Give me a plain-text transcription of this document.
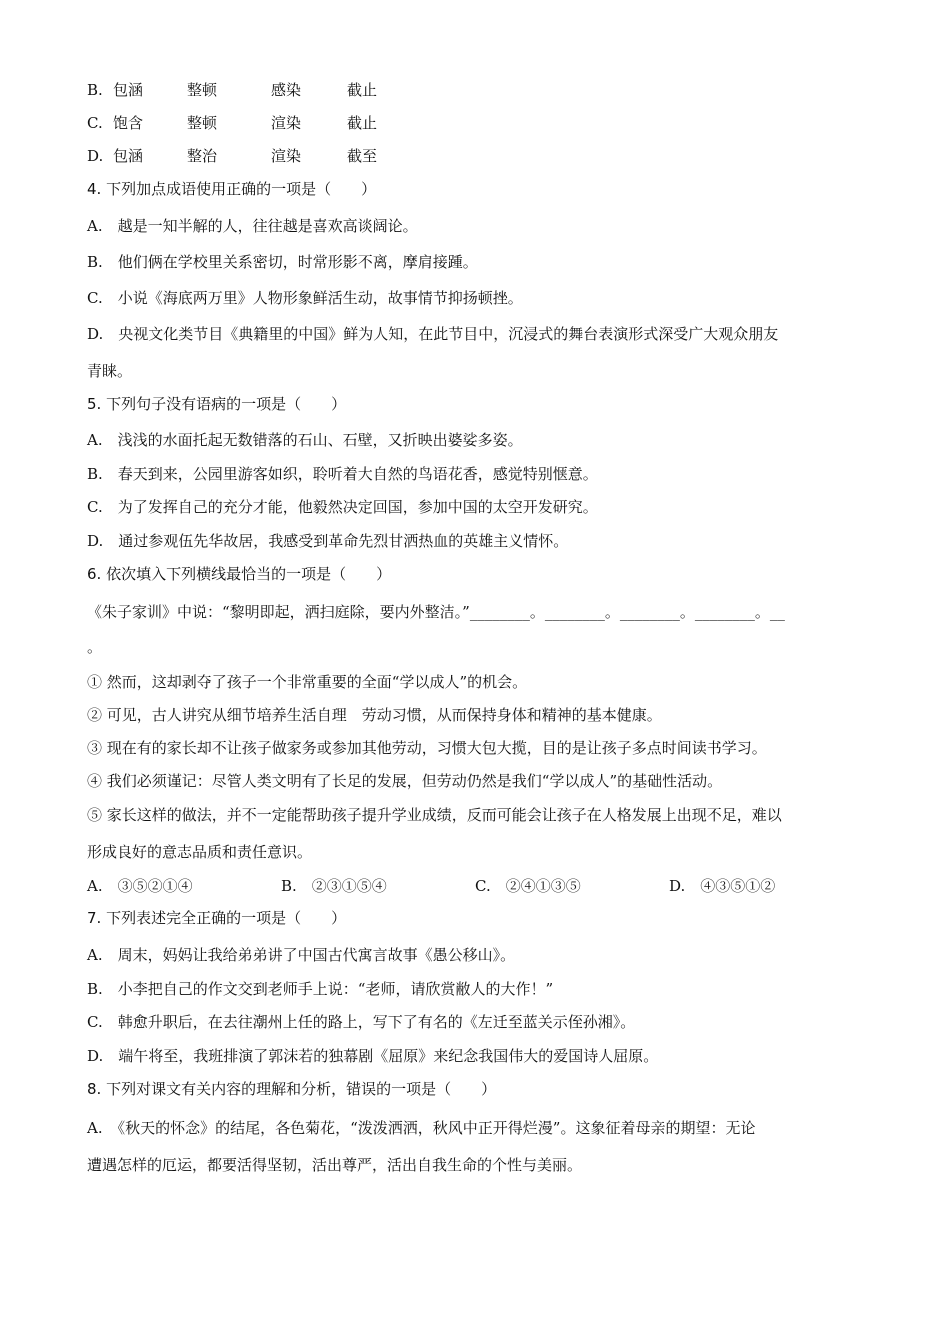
B. 包涵	整顿	感染	截止
C. 饱含	整顿	渲染	截止
D. 包涵	整治	渲染	截至
4. 下列加点成语使用正确的一项是（　　）
A.　越是一知半解的人，往往越是喜欢高谈阔论。
B.　他们俩在学校里关系密切，时常形影不离，摩肩接踵。
C.　小说《海底两万里》人物形象鲜活生动，故事情节抑扬顿挫。
D.　央视文化类节目《典籍里的中国》鲜为人知，在此节目中，沉浸式的舞台表演形式深受广大观众朋友
青睐。
5. 下列句子没有语病的一项是（　　）
A.　浅浅的水面托起无数错落的石山、石壁，又折映出婆娑多姿。
B.　春天到来，公园里游客如织，聆听着大自然的鸟语花香，感觉特别惬意。
C.　为了发挥自己的充分才能，他毅然决定回国，参加中国的太空开发研究。
D.　通过参观伍先华故居，我感受到革命先烈甘洒热血的英雄主义情怀。
6. 依次填入下列横线最恰当的一项是（　　）
《朱子家训》中说：“黎明即起，洒扫庭除，要内外整洁。”________。________。________。________。__
。
① 然而，这却剥夺了孩子一个非常重要的全面“学以成人”的机会。
② 可见，古人讲究从细节培养生活自理　劳动习惯，从而保持身体和精神的基本健康。
③ 现在有的家长却不让孩子做家务或参加其他劳动，习惯大包大揽，目的是让孩子多点时间读书学习。
④ 我们必须谨记：尽管人类文明有了长足的发展，但劳动仍然是我们“学以成人”的基础性活动。
⑤ 家长这样的做法，并不一定能帮助孩子提升学业成绩，反而可能会让孩子在人格发展上出现不足，难以
形成良好的意志品质和责任意识。
A.　③⑤②①④	B.　②③①⑤④	C.　②④①③⑤	D.　④③⑤①②
7. 下列表述完全正确的一项是（　　）
A.　周末，妈妈让我给弟弟讲了中国古代寓言故事《愚公移山》。
B.　小李把自己的作文交到老师手上说：“老师，请欣赏敝人的大作！”
C.　韩愈升职后，在去往潮州上任的路上，写下了有名的《左迁至蓝关示侄孙湘》。
D.　端午将至，我班排演了郭沫若的独幕剧《屈原》来纪念我国伟大的爱国诗人屈原。
8. 下列对课文有关内容的理解和分析，错误的一项是（　　）
A.　《秋天的怀念》的结尾，各色菊花，“泼泼洒洒，秋风中正开得烂漫”。这象征着母亲的期望：无论
遭遇怎样的厄运，都要活得坚韧，活出尊严，活出自我生命的个性与美丽。
